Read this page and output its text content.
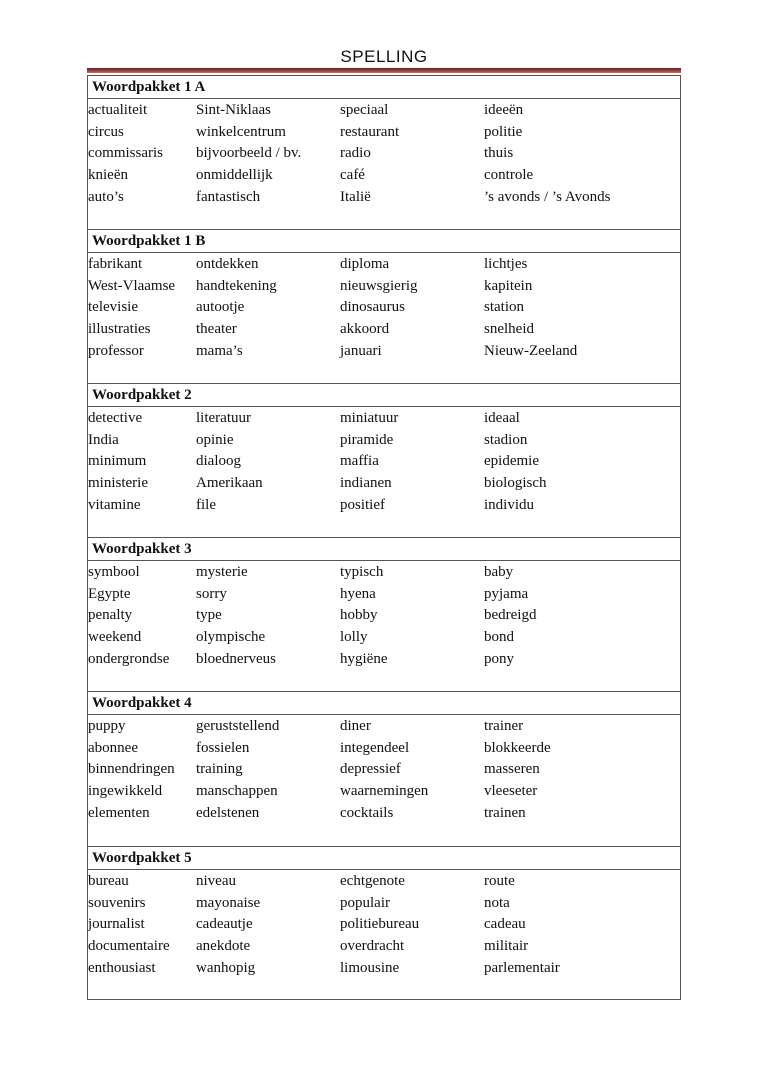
SPELLING
Woordpakket 1 A

actualiteit	Sint-Niklaas	speciaal	ideeën
circus	winkelcentrum	restaurant	politie
commissaris	bijvoorbeeld / bv.	radio	thuis
knieën	onmiddellijk	café	controle
auto’s	fantastisch	Italië	’s avonds / ’s Avonds

Woordpakket 1 B

fabrikant	ontdekken	diploma	lichtjes
West-Vlaamse	handtekening	nieuwsgierig	kapitein
televisie	autootje	dinosaurus	station
illustraties	theater	akkoord	snelheid
professor	mama’s	januari	Nieuw-Zeeland

Woordpakket 2

detective	literatuur	miniatuur	ideaal
India	opinie	piramide	stadion
minimum	dialoog	maffia	epidemie
ministerie	Amerikaan	indianen	biologisch
vitamine	file	positief	individu

Woordpakket 3

symbool	mysterie	typisch	baby
Egypte	sorry	hyena	pyjama
penalty	type	hobby	bedreigd
weekend	olympische	lolly	bond
ondergrondse	bloednerveus	hygiëne	pony

Woordpakket 4

puppy	geruststellend	diner	trainer
abonnee	fossielen	integendeel	blokkeerde
binnendringen	training	depressief	masseren
ingewikkeld	manschappen	waarnemingen	vleeseter
elementen	edelstenen	cocktails	trainen

Woordpakket 5

bureau	niveau	echtgenote	route
souvenirs	mayonaise	populair	nota
journalist	cadeautje	politiebureau	cadeau
documentaire	anekdote	overdracht	militair
enthousiast	wanhopig	limousine	parlementair
